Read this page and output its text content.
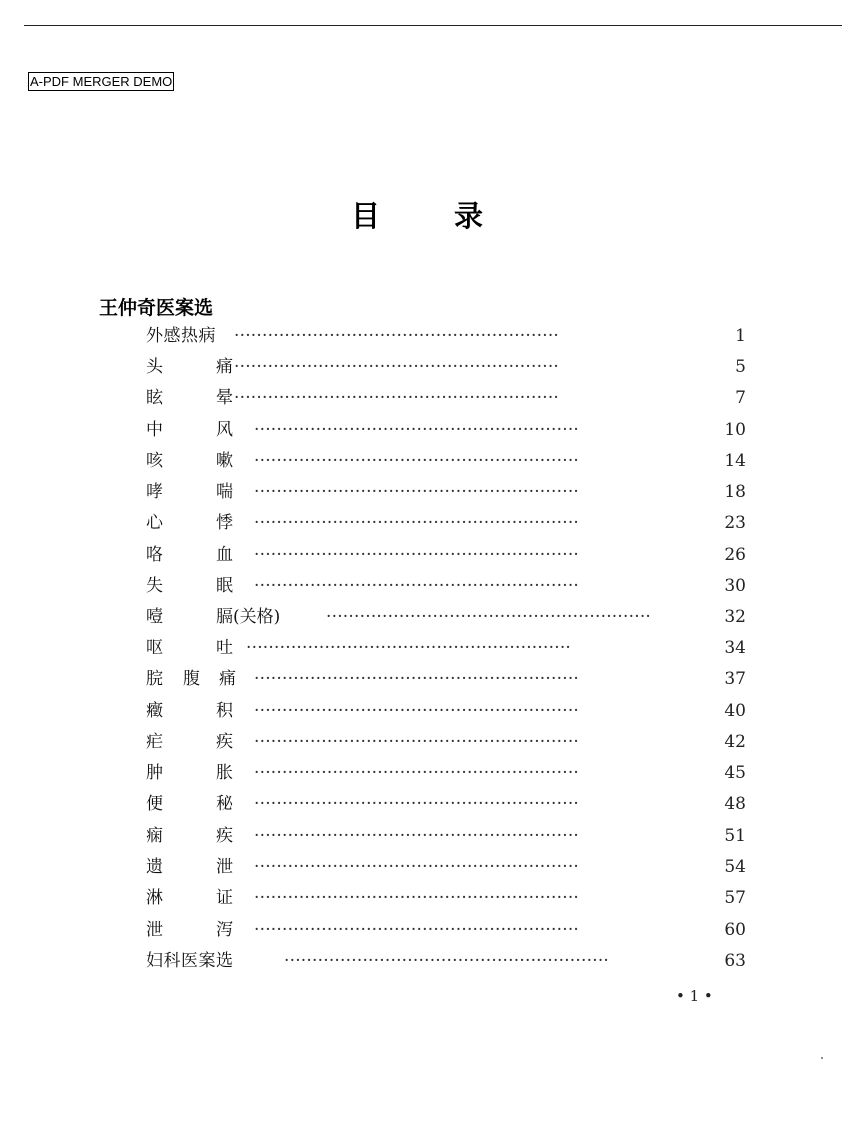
A-PDF MERGER DEMO
目	录
王仲奇医案选
外 感 热 病 ··························································	1
头	痛 ··························································	5
眩	晕 ··························································	7
中	风 ··························································	10
咳	嗽 ··························································	14
哮	喘 ··························································	18
心	悸 ··························································	23
咯	血 ··························································	26
失	眠 ··························································	30
噎	膈(关格)	··························································	32
呕	吐 ··························································	34
脘 腹 痛 ··························································	37
癥	积 ··························································	40
疟	疾 ··························································	42
肿	胀 ··························································	45
便	秘 ··························································	48
痫	疾 ··························································	51
遗	泄 ··························································	54
淋	证 ··························································	57
泄	泻 ··························································	60
妇 科 医 案 选	··························································	63
• 1 •
